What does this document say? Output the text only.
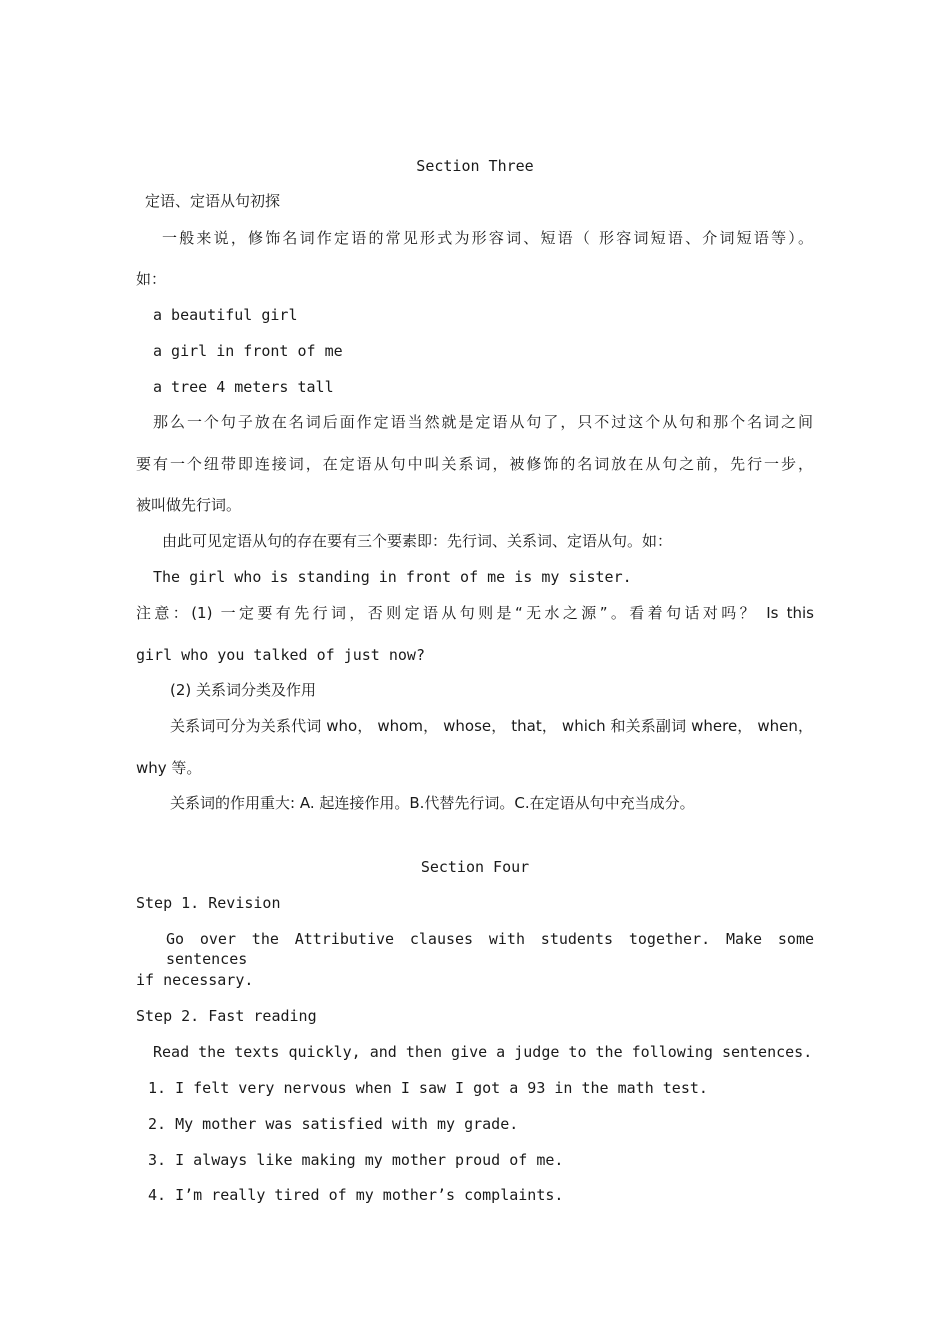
Section Three
定语、定语从句初探
一般来说，修饰名词作定语的常见形式为形容词、短语（ 形容词短语、介词短语等）。
如：
a beautiful girl
a girl in front of me
a tree 4 meters tall
那么一个句子放在名词后面作定语当然就是定语从句了，只不过这个从句和那个名词之间
要有一个纽带即连接词，在定语从句中叫关系词，被修饰的名词放在从句之前，先行一步，
被叫做先行词。
由此可见定语从句的存在要有三个要素即：先行词、关系词、定语从句。如：
The girl who is standing in front of me is my sister.
注意：(1) 一定要有先行词，否则定语从句则是“无水之源”。看着句话对吗？ Is this
girl who you talked of just now?
(2) 关系词分类及作用
关系词可分为关系代词 who， whom， whose， that， which 和关系副词 where， when，
why 等。
关系词的作用重大: A. 起连接作用。B.代替先行词。C.在定语从句中充当成分。
Section Four
Step 1. Revision
Go over the Attributive clauses with students together. Make some sentences
if necessary.
Step 2. Fast reading
Read the texts quickly, and then give a judge to the following sentences.
1. I felt very nervous when I saw I got a 93 in the math test.
2. My mother was satisfied with my grade.
3. I always like making my mother proud of me.
4. I’m really tired of my mother’s complaints.
